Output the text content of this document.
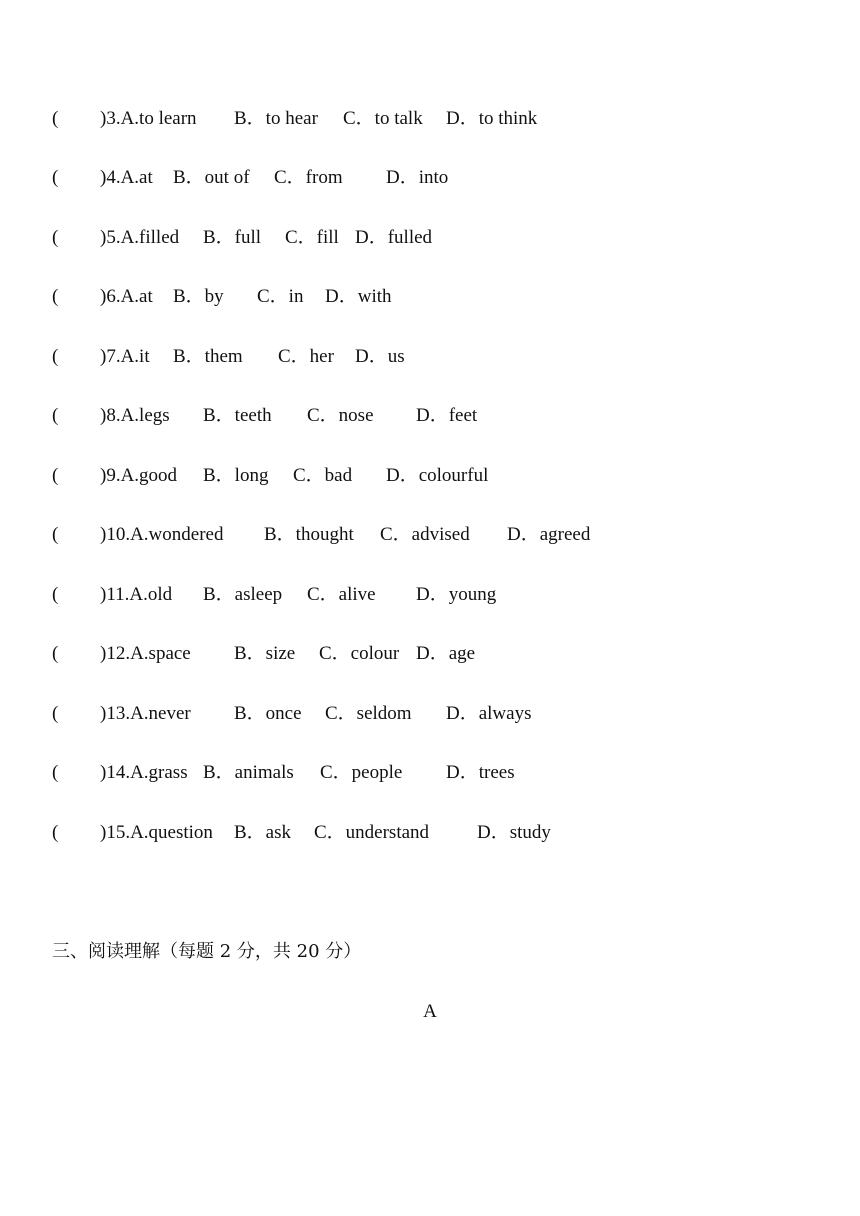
(

)3.A.to learn

B．to hear

C．to talk

D．to think

(

)4.A.at

B．out of

C．from

D．into

(

)5.A.filled

B．full

C．fill

D．fulled

(

)6.A.at

B．by

C．in

D．with

(

)7.A.it

B．them

C．her

D．us

(

)8.A.legs

B．teeth

C．nose

D．feet

(

)9.A.good

B．long

C．bad

D．colourful

(

)10.A.wondered

B．thought

C．advised

D．agreed

(

)11.A.old

B．asleep

C．alive

D．young

(

)12.A.space

B．size

C．colour

D．age

(

)13.A.never

B．once

C．seldom

D．always

(

)14.A.grass

B．animals

C．people

D．trees

(

)15.A.question

B．ask

C．understand

	D．study

三、阅读理解（每题 2 分，共 20 分）
A
